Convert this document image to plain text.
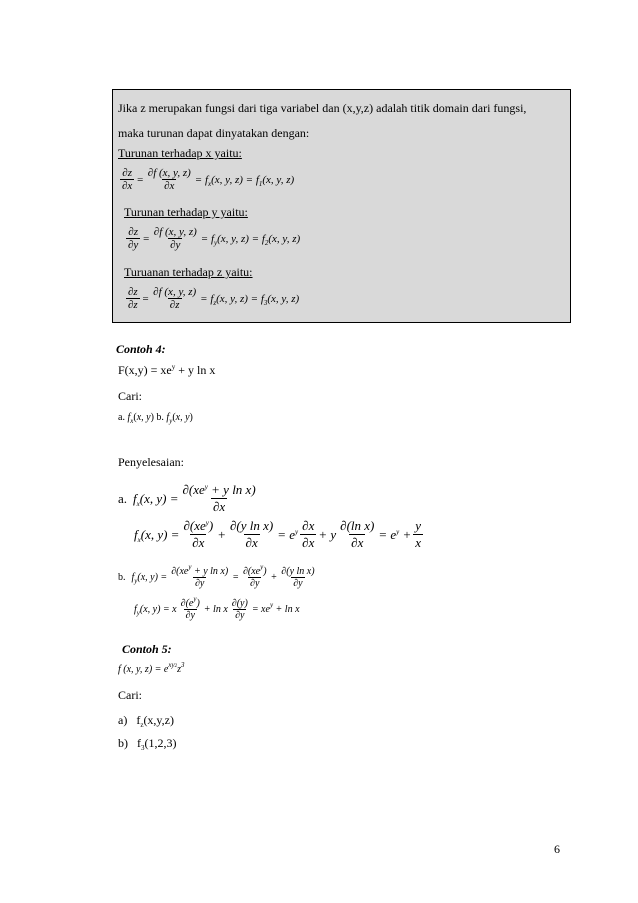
Jika z merupakan fungsi dari tiga variabel dan (x,y,z) adalah titik domain dari fungsi,
maka turunan dapat dinyatakan dengan:
Turunan terhadap x yaitu:
∂z
∂x
= $\frac{\partial f (x, y, z)}{\partial x} = f_x(x$, y, $z) = f_1(x$, y, z)
Turunan terhadap y yaitu:
∂z
∂y
= $\frac{\partial f (x, y, z)}{\partial y} = f_y(x$, y, $z) = f_2(x$, y, z)
Turuanan terhadap z yaitu:
∂z
∂z
= $\frac{\partial f (x, y, z)}{\partial z} = f_z(x$, y, $z) = f_3(x$, y, z)
Contoh 4:
$F(x,y) = xe^y + y$ ln x
Cari:
a. $f_x(x$, y) b. $f_y(x$, y)
Penyelesaian:
a. $f_x(x$, y) =
$\partial(xe^y + y$ ln x)
∂x
$f_x(x$, y) =
$\partial(xe^y)$
∂x
+ $\frac{\text{∂(y ln x)}}{\partial x} = e^y$ ∂x
∂x
+ y $\frac{\text{∂(ln x)}}{\partial x} = e^y + \frac{y}{x}$
b. $f_y(x$, y) =
$\partial(xe^y + y$ ln x)
∂y
=
$\partial(xe^y)$
∂y
+
∂(y ln x)
∂y
$f_y(x$, y) = x
$\partial(e^y)$
∂y
+ ln x $\frac{\partial(y)}{\partial y} = xe^y + \ln x$
Contoh 5:
f (x, y, z) = e xy2 z 3
Cari:
a)   $f_z(x,y,z)$
b)   $f_3(1,2,3)$
6
